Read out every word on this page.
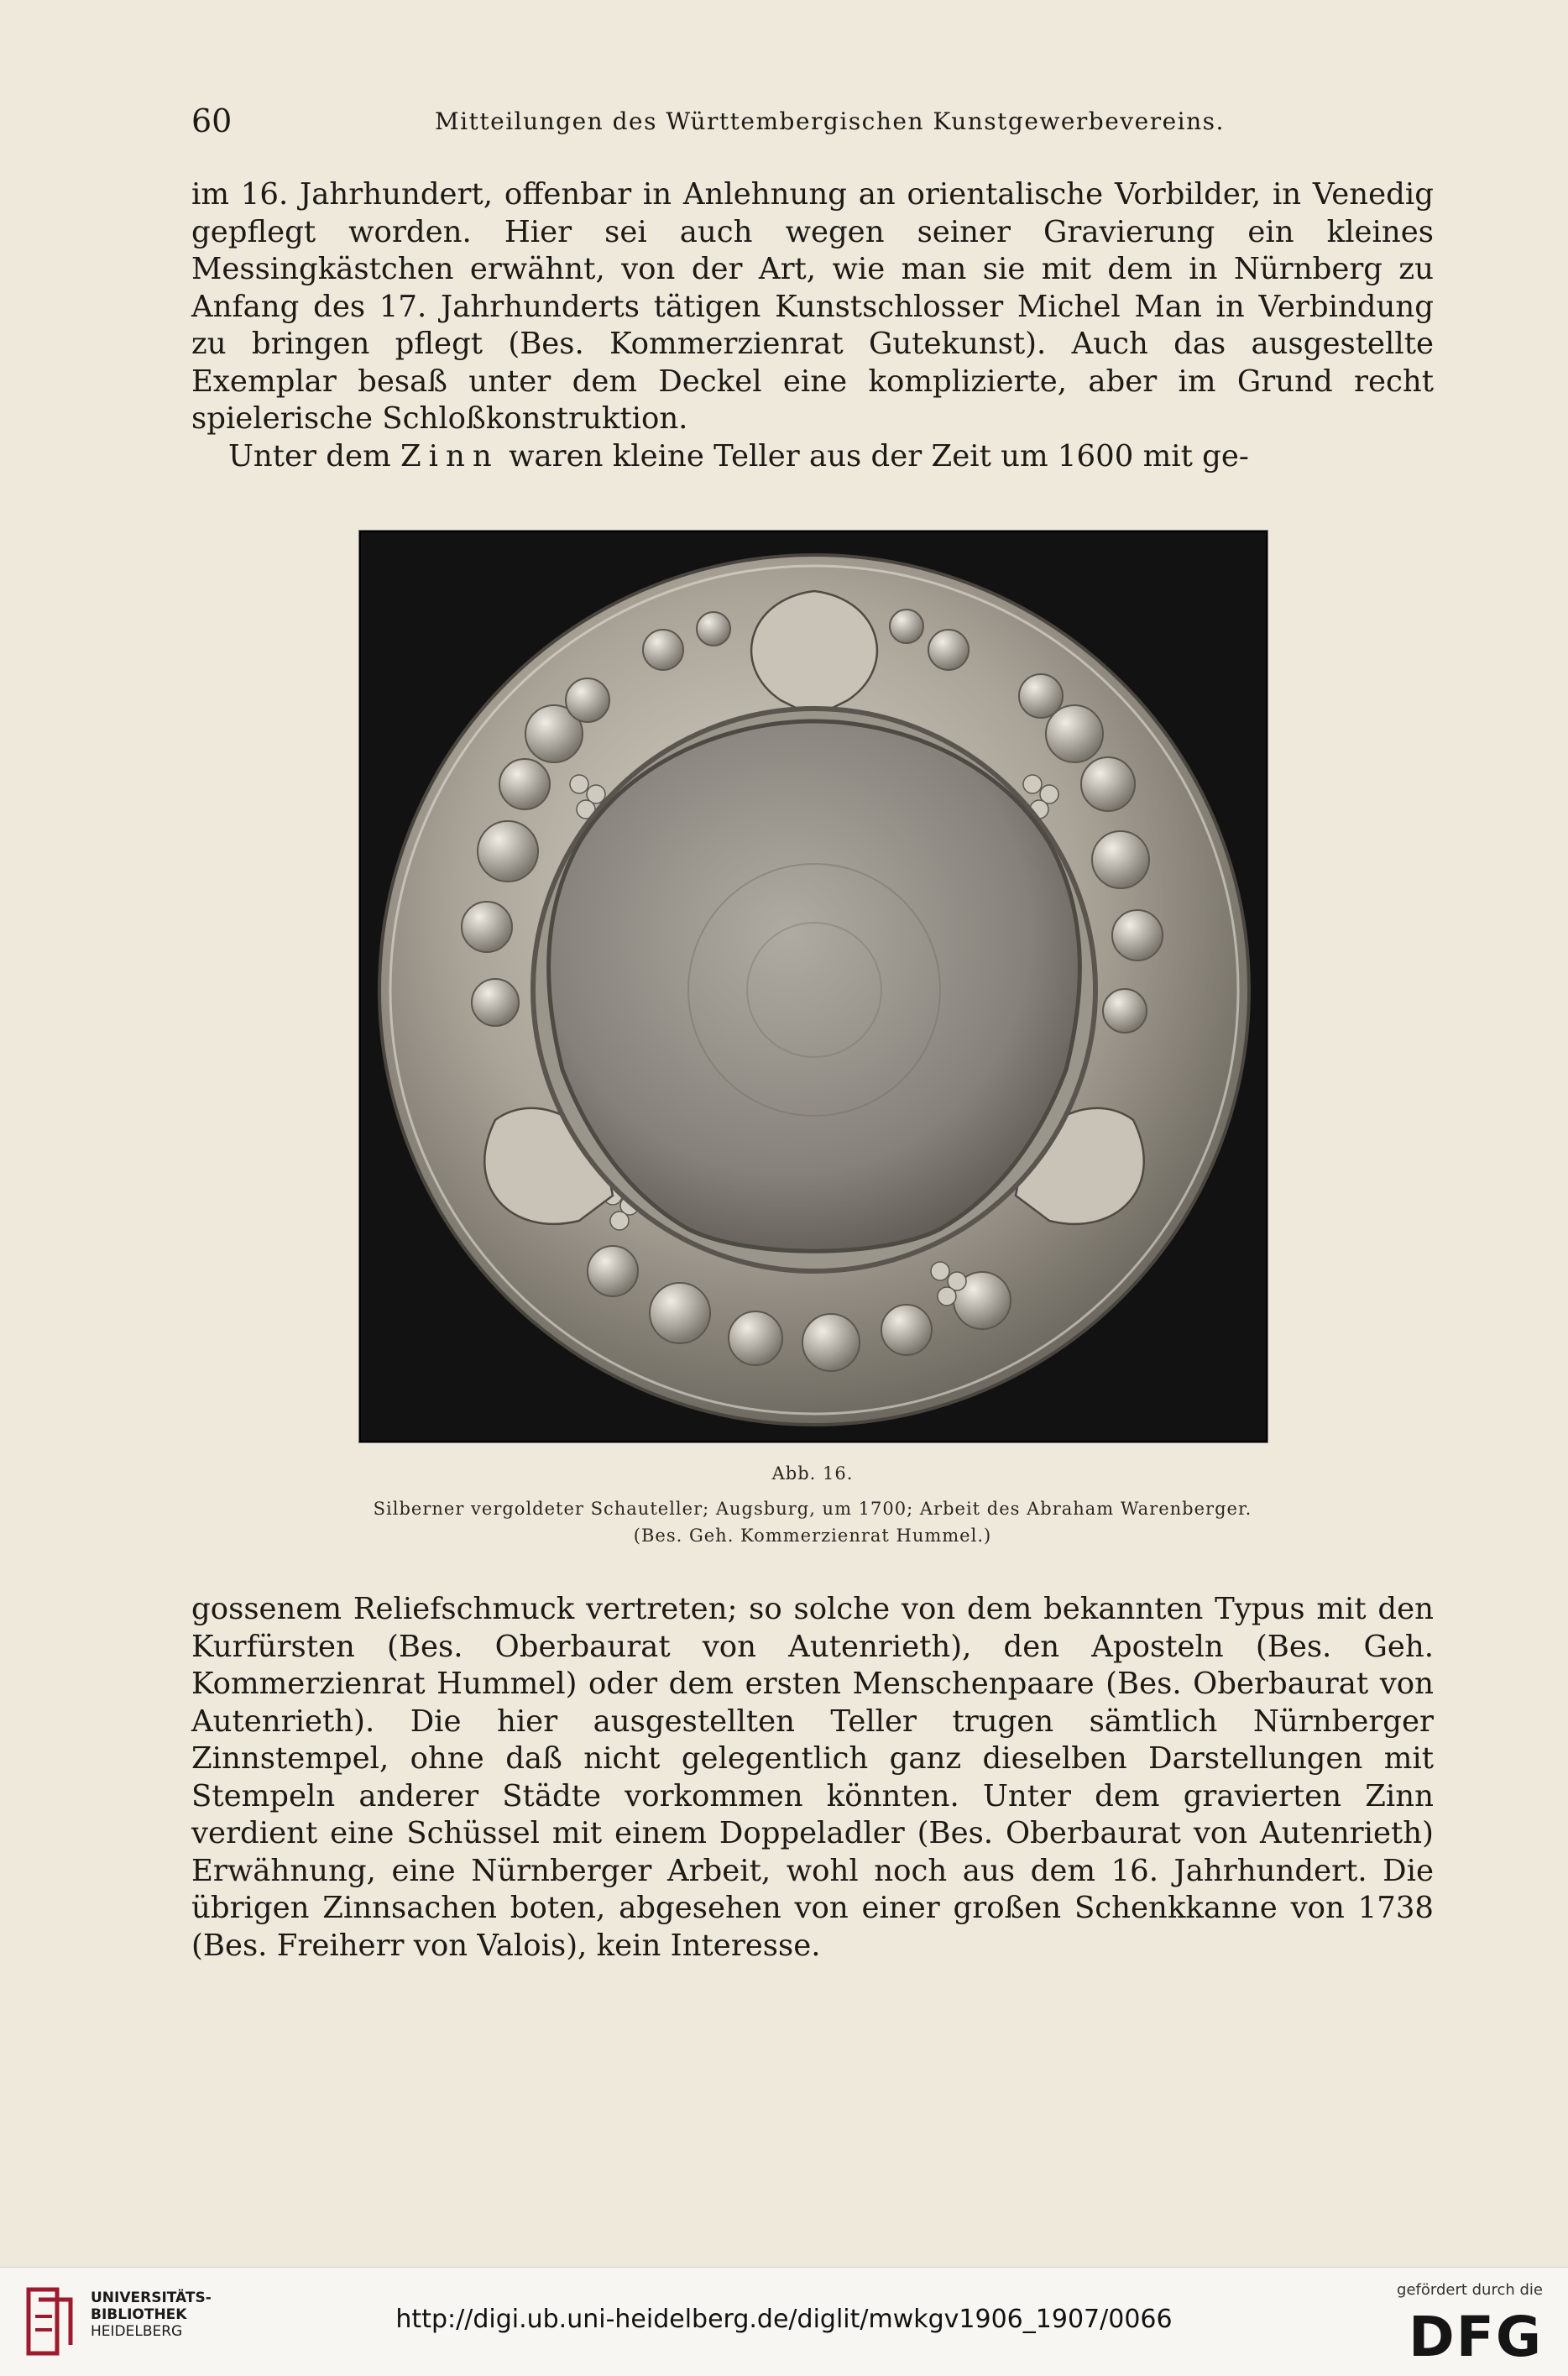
60	Mitteilungen des Württembergischen Kunstgewerbevereins.

im 16. Jahrhundert, offenbar in Anlehnung an orientalische Vorbilder, in Venedig gepflegt worden. Hier sei auch wegen seiner Gravierung ein kleines Messingkästchen erwähnt, von der Art, wie man sie mit dem in Nürnberg zu Anfang des 17. Jahrhunderts tätigen Kunstschlosser Michel Man in Verbindung zu bringen pflegt (Bes. Kommerzienrat Gutekunst). Auch das ausgestellte Exemplar besaß unter dem Deckel eine komplizierte, aber im Grund recht spielerische Schloßkonstruktion.

Unter dem Zinn waren kleine Teller aus der Zeit um 1600 mit ge-

Abb. 16.
Silberner vergoldeter Schauteller; Augsburg, um 1700; Arbeit des Abraham Warenberger.
(Bes. Geh. Kommerzienrat Hummel.)

gossenem Reliefschmuck vertreten; so solche von dem bekannten Typus mit den Kurfürsten (Bes. Oberbaurat von Autenrieth), den Aposteln (Bes. Geh. Kommerzienrat Hummel) oder dem ersten Menschenpaare (Bes. Oberbaurat von Autenrieth). Die hier ausgestellten Teller trugen sämtlich Nürnberger Zinnstempel, ohne daß nicht gelegentlich ganz dieselben Darstellungen mit Stempeln anderer Städte vorkommen könnten. Unter dem gravierten Zinn verdient eine Schüssel mit einem Doppeladler (Bes. Oberbaurat von Autenrieth) Erwähnung, eine Nürnberger Arbeit, wohl noch aus dem 16. Jahrhundert. Die übrigen Zinnsachen boten, abgesehen von einer großen Schenkkanne von 1738 (Bes. Freiherr von Valois), kein Interesse.

UNIVERSITÄTS-
BIBLIOTHEK
HEIDELBERG	http://digi.ub.uni-heidelberg.de/diglit/mwkgv1906_1907/0066
gefördert durch die
DFG
